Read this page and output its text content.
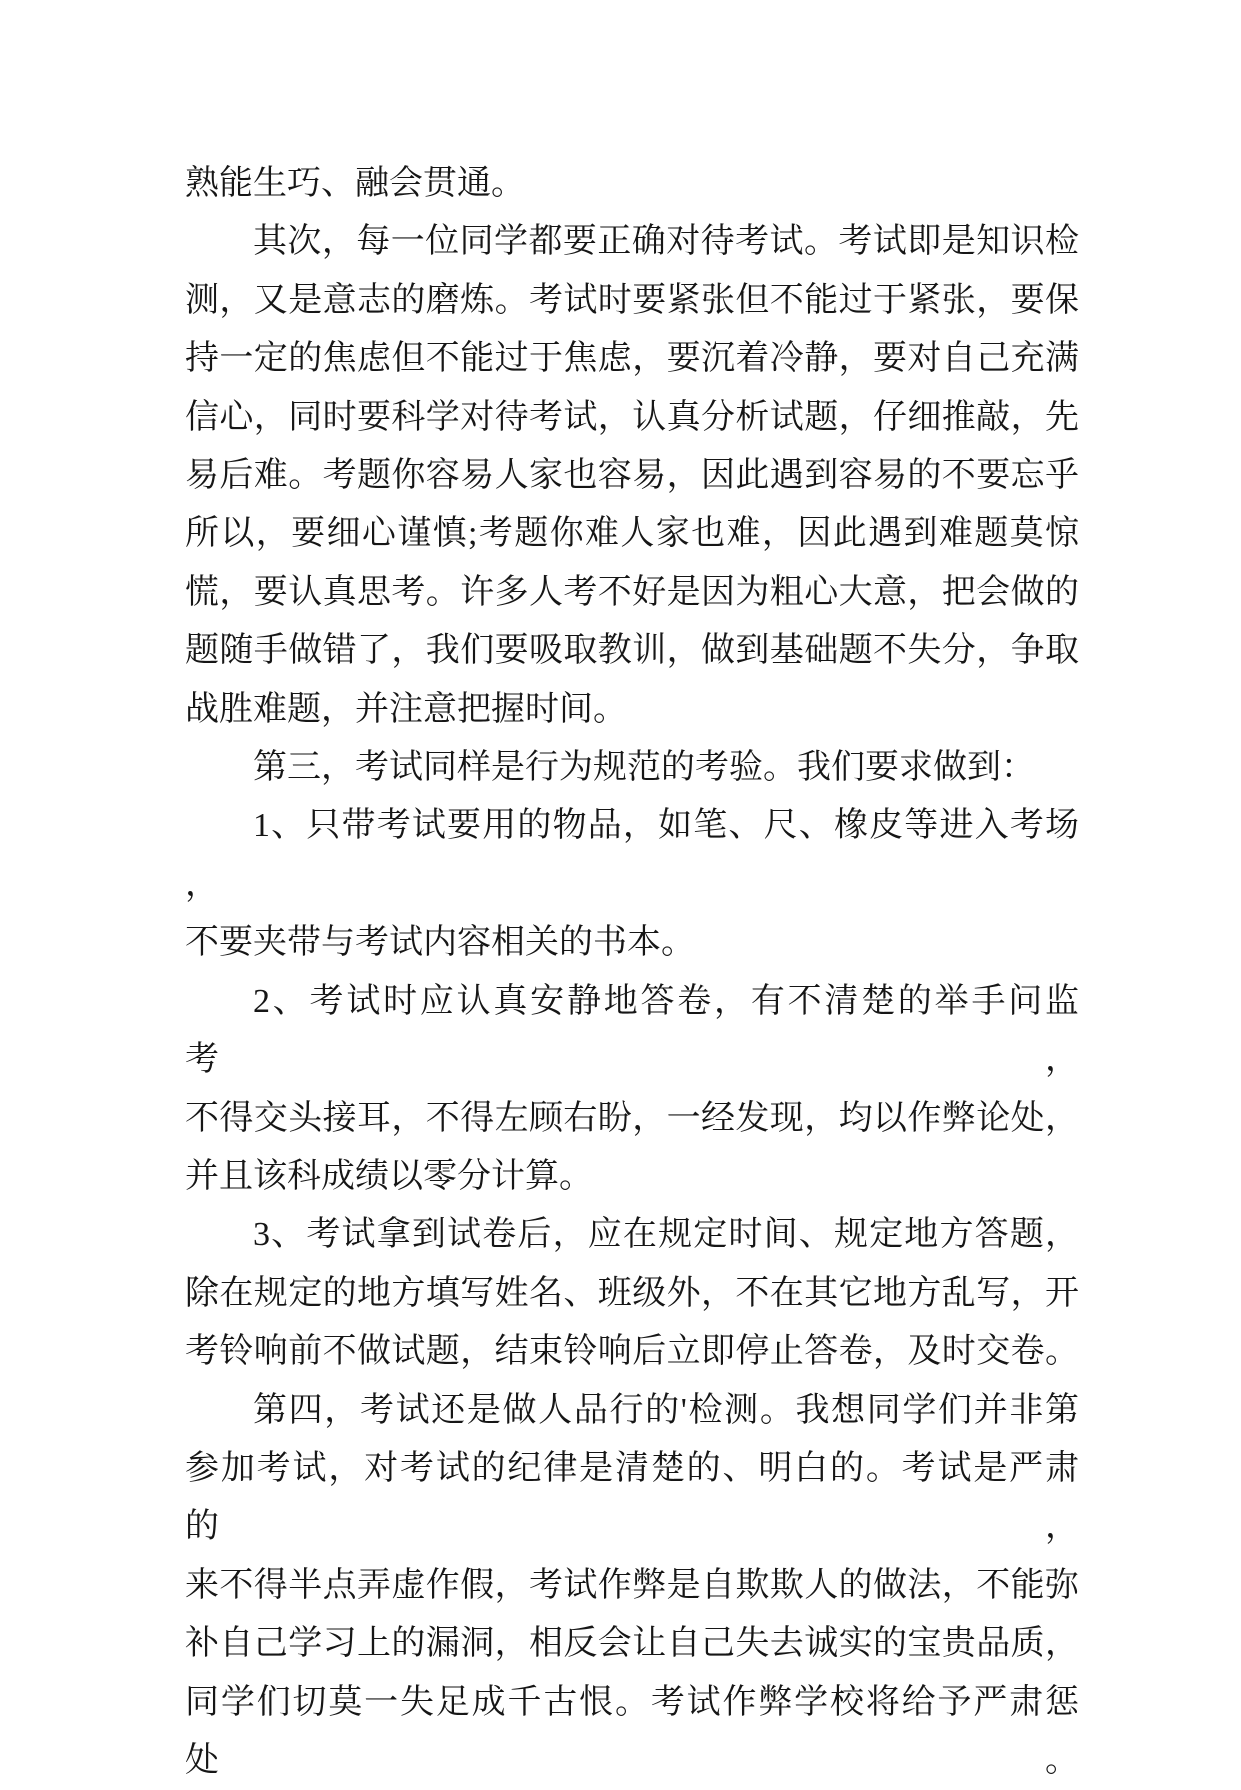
熟能生巧、融会贯通。
其次，每一位同学都要正确对待考试。考试即是知识检
测，又是意志的磨炼。考试时要紧张但不能过于紧张，要保
持一定的焦虑但不能过于焦虑，要沉着冷静，要对自己充满
信心，同时要科学对待考试，认真分析试题，仔细推敲，先
易后难。考题你容易人家也容易，因此遇到容易的不要忘乎
所以，要细心谨慎;考题你难人家也难，因此遇到难题莫惊
慌，要认真思考。许多人考不好是因为粗心大意，把会做的
题随手做错了，我们要吸取教训，做到基础题不失分，争取
战胜难题，并注意把握时间。
第三，考试同样是行为规范的考验。我们要求做到：
1、只带考试要用的物品，如笔、尺、橡皮等进入考场 ，
不要夹带与考试内容相关的书本。
2、考试时应认真安静地答卷，有不清楚的举手问监考，
不得交头接耳，不得左顾右盼，一经发现，均以作弊论处，
并且该科成绩以零分计算。
3、考试拿到试卷后，应在规定时间、规定地方答题，
除在规定的地方填写姓名、班级外，不在其它地方乱写，开
考铃响前不做试题，结束铃响后立即停止答卷，及时交卷。
第四，考试还是做人品行的'检测。我想同学们并非第
参加考试，对考试的纪律是清楚的、明白的。考试是严肃的，
来不得半点弄虚作假，考试作弊是自欺欺人的做法，不能弥
补自己学习上的漏洞，相反会让自己失去诚实的宝贵品质，
同学们切莫一失足成千古恨。考试作弊学校将给予严肃惩处。
